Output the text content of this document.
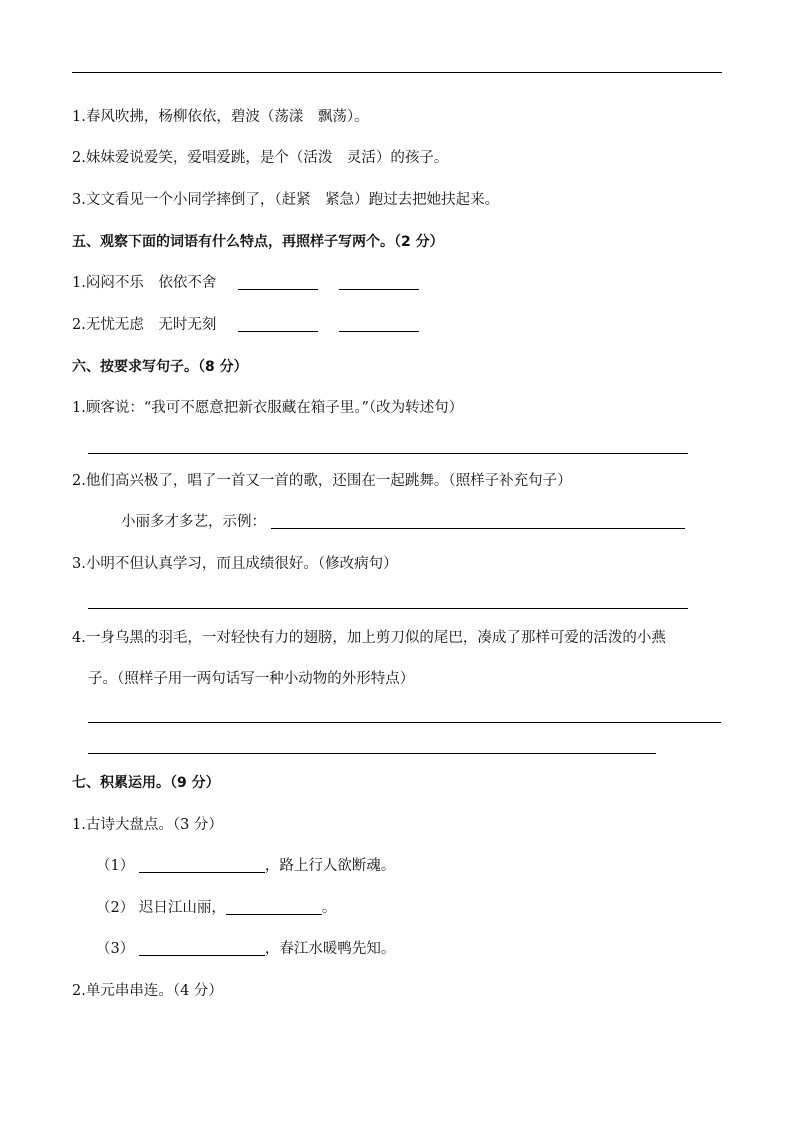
1.春风吹拂，杨柳依依，碧波（荡漾　飘荡）。
2.妹妹爱说爱笑，爱唱爱跳，是个（活泼　灵活）的孩子。
3.文文看见一个小同学摔倒了，（赶紧　紧急）跑过去把她扶起来。
五、观察下面的词语有什么特点，再照样子写两个。（2 分）
1.闷闷不乐　依依不舍
2.无忧无虑　无时无刻
六、按要求写句子。（8 分）
1.顾客说：“我可不愿意把新衣服藏在箱子里。”（改为转述句）
2.他们高兴极了，唱了一首又一首的歌，还围在一起跳舞。（照样子补充句子）
小丽多才多艺，示例：
3.小明不但认真学习，而且成绩很好。（修改病句）
4.一身乌黑的羽毛，一对轻快有力的翅膀，加上剪刀似的尾巴，凑成了那样可爱的活泼的小燕
子。（照样子用一两句话写一种小动物的外形特点）
七、积累运用。（9 分）
1.古诗大盘点。（3 分）
（1）	，路上行人欲断魂。
（2） 迟日江山丽，	。
（3）	，春江水暖鸭先知。
2.单元串串连。（4 分）
